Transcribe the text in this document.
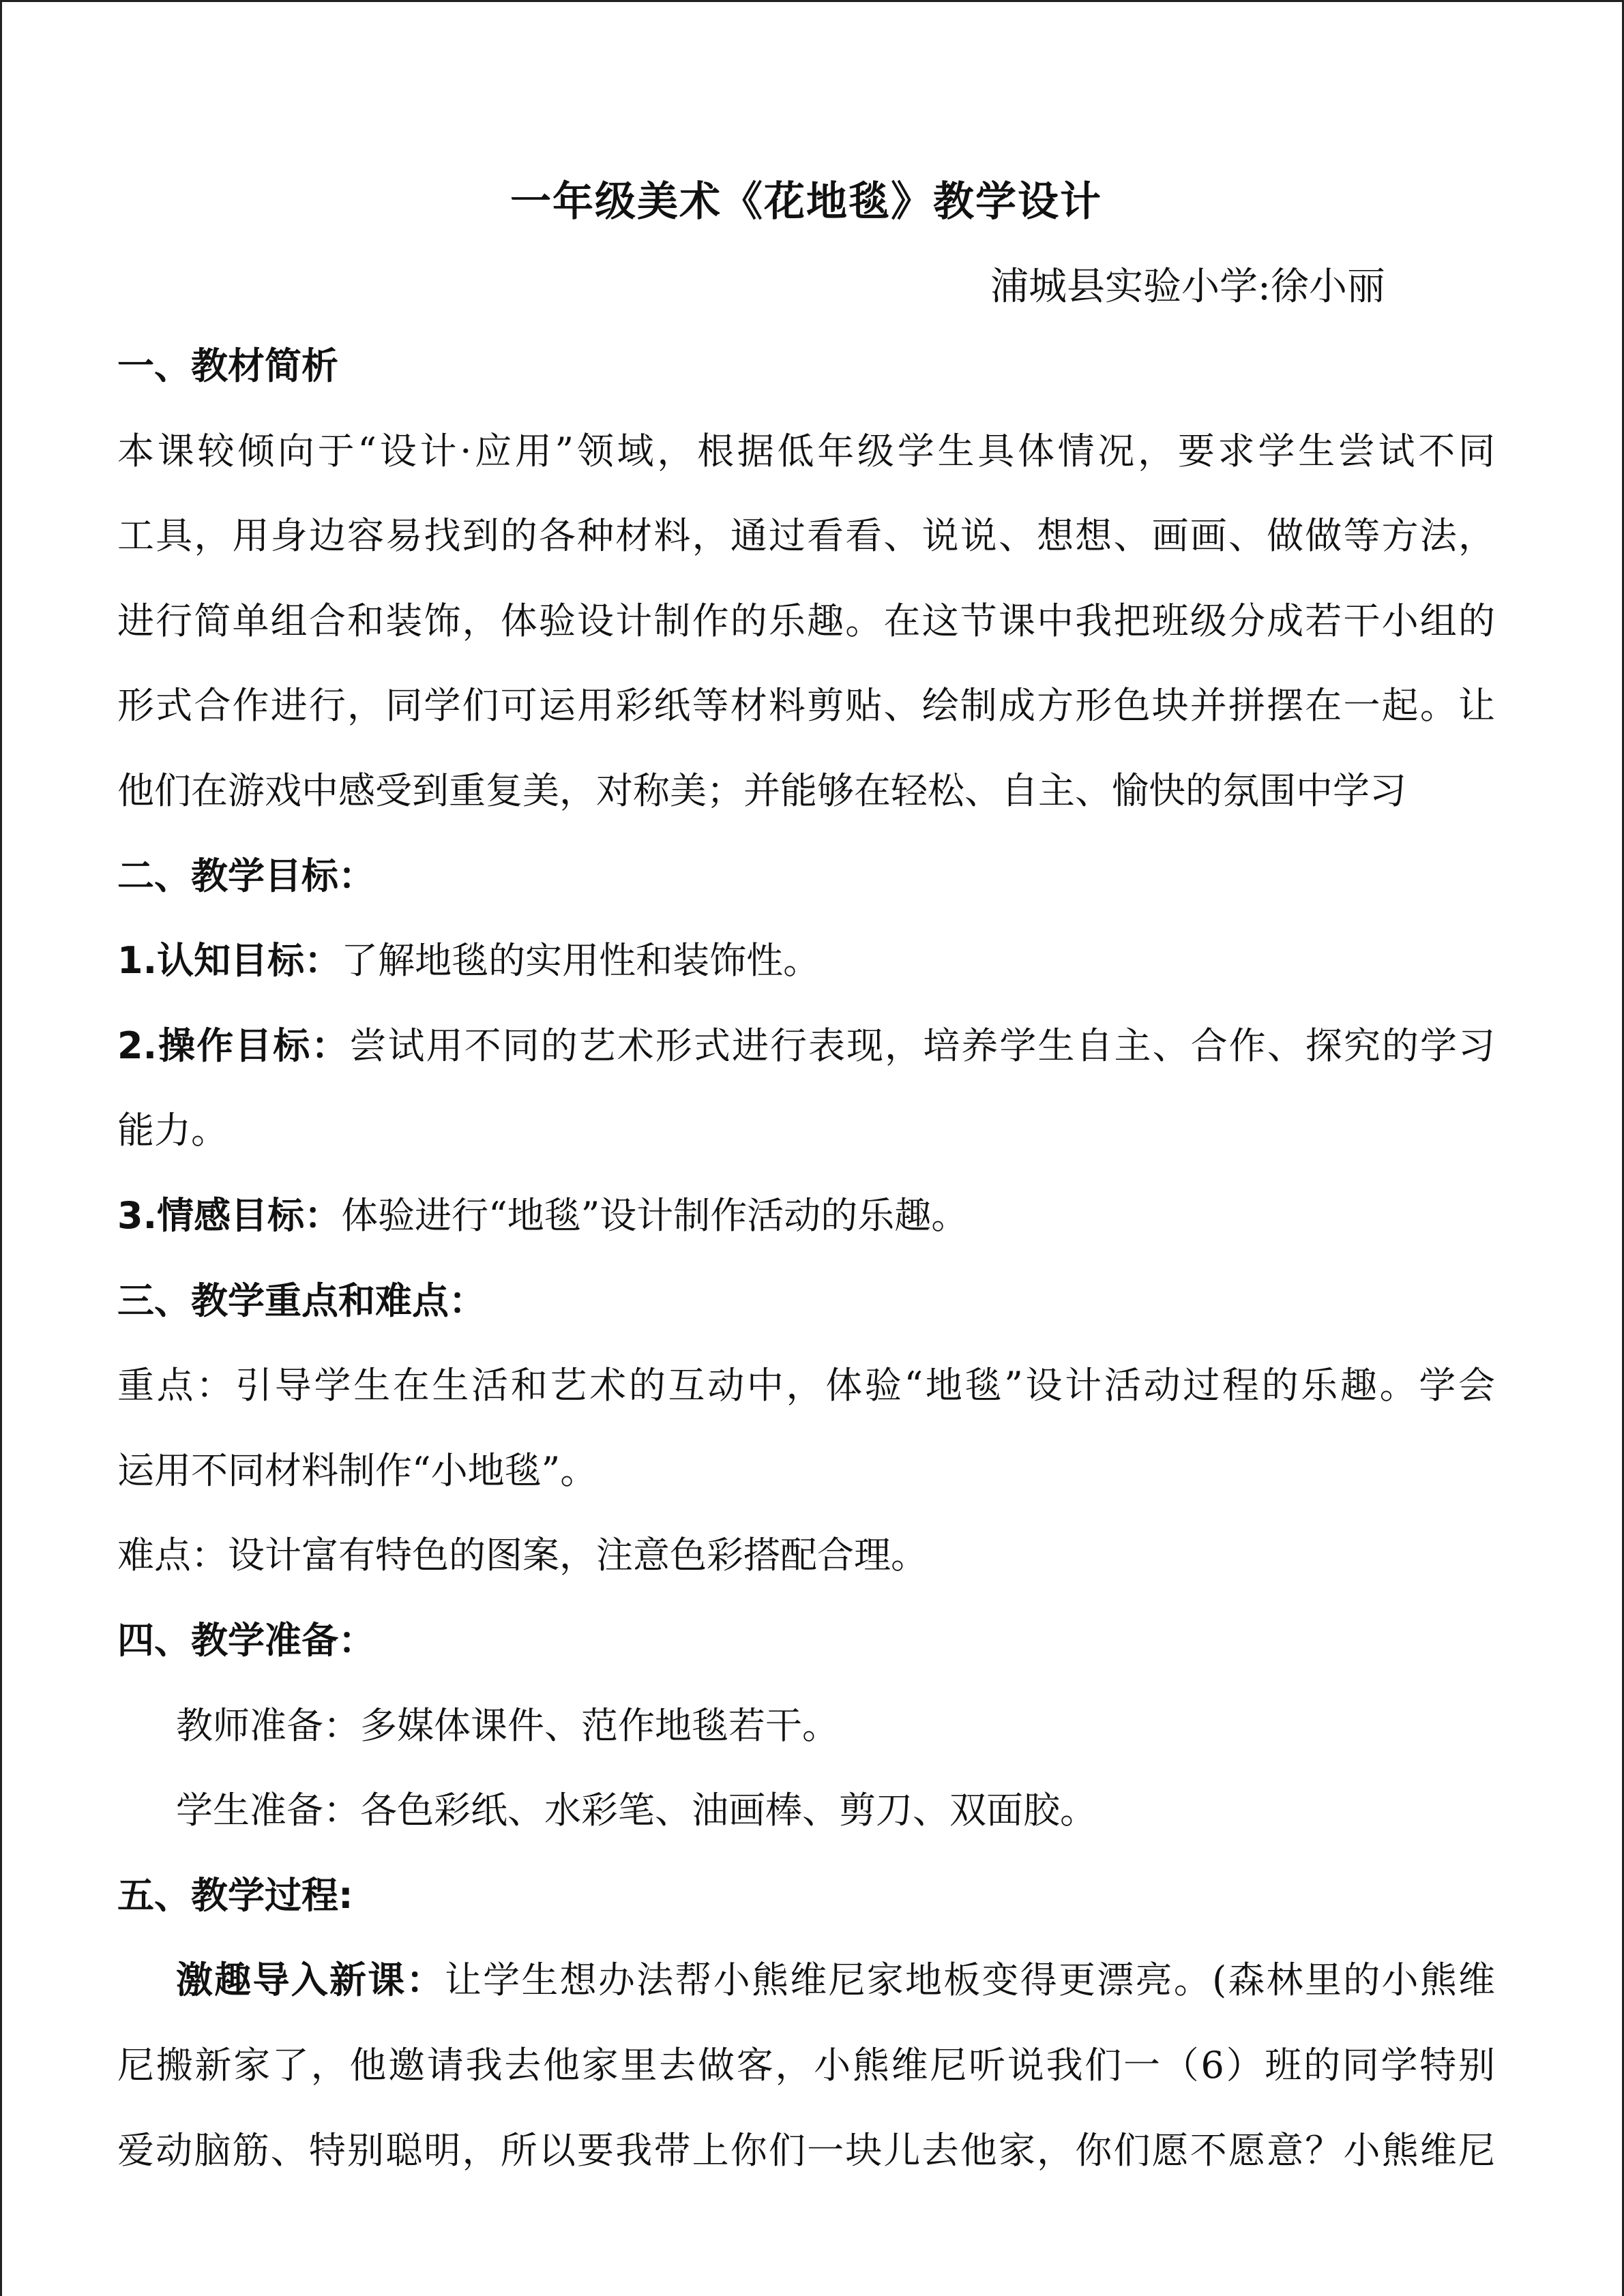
一年级美术《花地毯》教学设计
浦城县实验小学:徐小丽
一、教材简析
本课较倾向于“设计·应用”领域，根据低年级学生具体情况，要求学生尝试不同
工具，用身边容易找到的各种材料，通过看看、说说、想想、画画、做做等方法，
进行简单组合和装饰，体验设计制作的乐趣。在这节课中我把班级分成若干小组的
形式合作进行，同学们可运用彩纸等材料剪贴、绘制成方形色块并拼摆在一起。让
他们在游戏中感受到重复美，对称美；并能够在轻松、自主、愉快的氛围中学习
二、教学目标：
1.认知目标：了解地毯的实用性和装饰性。
2.操作目标：尝试用不同的艺术形式进行表现，培养学生自主、合作、探究的学习
能力。
3.情感目标：体验进行“地毯”设计制作活动的乐趣。
三、教学重点和难点：
重点：引导学生在生活和艺术的互动中，体验“地毯”设计活动过程的乐趣。学会
运用不同材料制作“小地毯”。
难点：设计富有特色的图案，注意色彩搭配合理。
四、教学准备：
教师准备：多媒体课件、范作地毯若干。
学生准备：各色彩纸、水彩笔、油画棒、剪刀、双面胶。
五、教学过程:
激趣导入新课：让学生想办法帮小熊维尼家地板变得更漂亮。(森林里的小熊维
尼搬新家了，他邀请我去他家里去做客，小熊维尼听说我们一（6）班的同学特别
爱动脑筋、特别聪明，所以要我带上你们一块儿去他家，你们愿不愿意？小熊维尼
